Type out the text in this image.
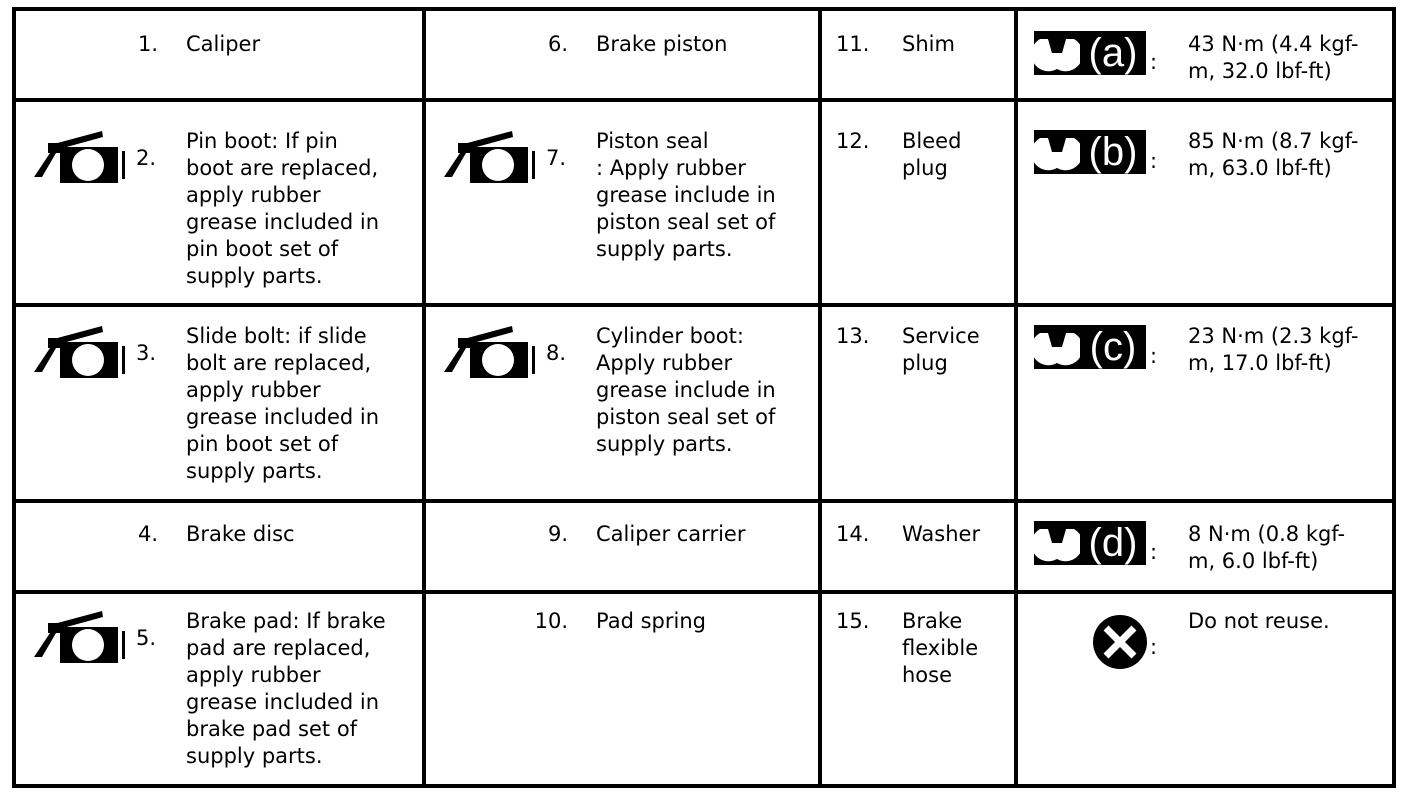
1. Caliper
2.
Pin boot: If pin
boot are replaced,
apply rubber
grease included in
pin boot set of
supply parts.
3.
Slide bolt: if slide
bolt are replaced,
apply rubber
grease included in
pin boot set of
supply parts.
4. Brake disc
5.
Brake pad: If brake
pad are replaced,
apply rubber
grease included in
brake pad set of
supply parts.
6. Brake piston
7.
Piston seal
: Apply rubber
grease include in
piston seal set of
supply parts.
8.
Cylinder boot:
Apply rubber
grease include in
piston seal set of
supply parts.
9. Caliper carrier
10. Pad spring
11. Shim
12. Bleed
plug
13. Service
plug
14. Washer
15. Brake
flexible
hose
(a) :
43 N·m (4.4 kgf-
m, 32.0 lbf-ft)
(b) :
85 N·m (8.7 kgf-
m, 63.0 lbf-ft)
(c) :
23 N·m (2.3 kgf-
m, 17.0 lbf-ft)
(d) :
8 N·m (0.8 kgf-
m, 6.0 lbf-ft)
:
Do not reuse.
